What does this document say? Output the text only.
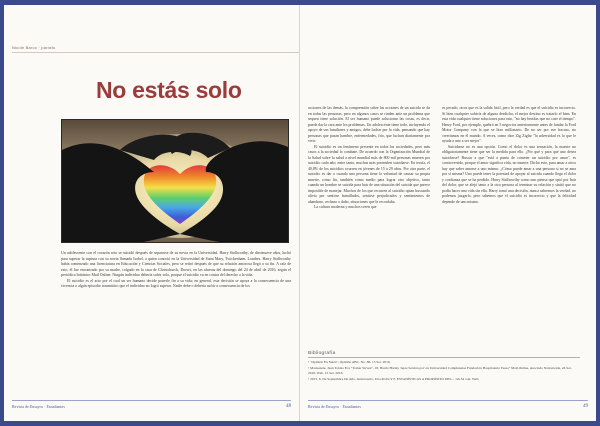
Nicole Barco · parrafo
No estás solo

Un adolescente con el corazón roto se suicidó después de separarse de su novia en la Universidad. Harry Stallworthy, de diecinueve años, luchó para superar la ruptura con su novia llamada Isobel, a quien conoció en la Universidad de Saint Mary, Twickenham, Londres. Harry Stallworthy había comenzado una licenciatura en Educación y Ciencias Sociales, pero se retiró después de que su relación amorosa llegó a su fin. A raíz de esto, él fue encontrado por su madre, colgado en la casa de Christchurch, Dorset, en las afueras del domingo del 24 de abril de 2016, según el periódico británico Mail Online. Ningún individuo debería sufrir solo, porque el suicidio va en contra del derecho a la vida.

El suicidio es el acto por el cual un ser humano decide ponerle fin a su vida; en general, esta decisión se apoya a la consecuencia de una vivencia o algún episodio traumático que el individuo no logró superar. Nadie debe o debería sufrir a consecuencia de los

Revista de Ensayos · Estudiantes	48

acciones de las demás, la comprensión sobre las acciones de un suicida se da en todas las personas, pero en algunos casos se rinden ante un problema que sequen tiene solución. El ser humano puede solucionar las cosas, es decir, puede dar la cara ante los problemas. Un adolescente tiene todo, incluyendo el apoyo de sus familiares y amigos, debe luchar por la vida, pensando que hay personas que pasan hambre, enfermedades, frío, que luchan diariamente por vivir.

El suicidio es un fenómeno presente en todas las sociedades, pero más casos a la sociedad lo combate. De acuerdo con la Organización Mundial de la Salud sobre la salud a nivel mundial más de 800 mil personas mueren por suicidio cada año; entre tanto, muchas más pretenden suicidarse. En teoría, el 40,8% de los suicidios ocurren en jóvenes de 15 a 29 años. Por otra parte, el suicidio es dar o cuando una persona tiene la voluntad de causar su propia muerte, como fin, también como medio para lograr otro objetivo, tanto cuando un hombre se suicida para huir de una situación del suicida que parece imposible de manejar. Muchos de los que recurren al suicidio optan buscando alivio por sentirse humillados, sentirse perjudicados y sentimientos de abandono, rechazo o daño, situaciones que le recordaba.

La cultura moderna y muchos creen que

es pecado, otros que es la salida fácil, pero la verdad es que el suicidio es incorrecto. Si bien cualquier sufriría de alguna desdicha, el mejor destino es tratarlo el bien. En esta vida cualquier tiene soluciones para esto, "no hay heridas que no cure el tiempo". Henry Ford, por ejemplo, quebró en 5 negocios anteriormente antes de fundar la Ford Motor Company con la que se hizo millonario. De no ser por ese fracaso, no creeríamos en él mundo. A veces, como dice Zig Ziglar "la adversidad es lo que le ayuda a uno a ser mejor".

Suicidarse no es una opción. Como el dolor es una sensación, la muerte no obligatoriamente tiene que ser la medida para ello. ¿Por qué y para qué uno desea suicidarse? Buscar a que "está a punto de cometer un suicidio por amor", es controvertido, porque el amor significa vida, no muerte. Dicho esto, para amar a otros hay que saber amarse a uno mismo. ¿Cómo puede amar a una persona si no se ama por sí misma? Uno puede tener la potestad de apoyar al suicida cuando llega el dolor y confianza que se ha perdido. Harry Stallworthy como uno piensa que optó por huir del dolor, que se alejó tanto a la otra persona al terminar su relación y sintió que no podía hacer una vida sin ella. Harry tomó una decisión, nunca sabremos la verdad, no podemos juzgarlo, pero sabemos que el suicidio es incorrecto y que la felicidad depende de uno mismo.

Bibliografía
• "Opinión En Suiza". Opinión ABC. No. 86. 15 Set. 2016.
• Mackenzie, Juan Tobias Fox "Tomar Sirven", 18, Harris Harley 'Apre Sertión por' en Universidad Complutense Fundación Hospitalaria Tusso" Mail Online. Asociado Nationwide, 24 Set. 2018. Web. 15 Set. 2016.
• 2015, 6. De Septiembre De Año. Aniversario, Una Pedra Y F. ESTADÍSTICAS A PROPÓSITO DEL... 1m-52 a.m. Web.
Revista de Ensayos · Estudiantes	49
